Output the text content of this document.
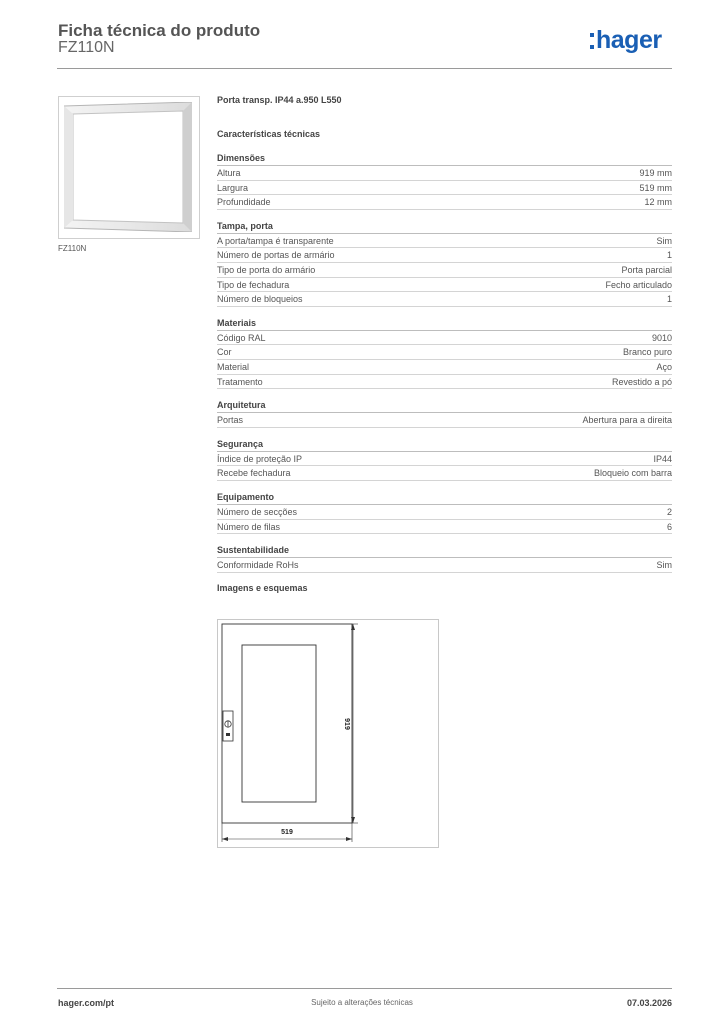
Ficha técnica do produto
FZ110N	hager
FZ110N
Porta transp. IP44 a.950 L550
Características técnicas
Dimensões
Altura	919 mm
Largura	519 mm
Profundidade	12 mm
Tampa, porta
A porta/tampa é transparente	Sim
Número de portas de armário	1
Tipo de porta do armário	Porta parcial
Tipo de fechadura	Fecho articulado
Número de bloqueios	1
Materiais
Código RAL	9010
Cor	Branco puro
Material	Aço
Tratamento	Revestido a pó
Arquitetura
Portas	Abertura para a direita
Segurança
Índice de proteção IP	IP44
Recebe fechadura	Bloqueio com barra
Equipamento
Número de secções	2
Número de filas	6
Sustentabilidade
Conformidade RoHs	Sim
Imagens e esquemas
919
519
hager.com/pt	Sujeito a alterações técnicas	07.03.2026
